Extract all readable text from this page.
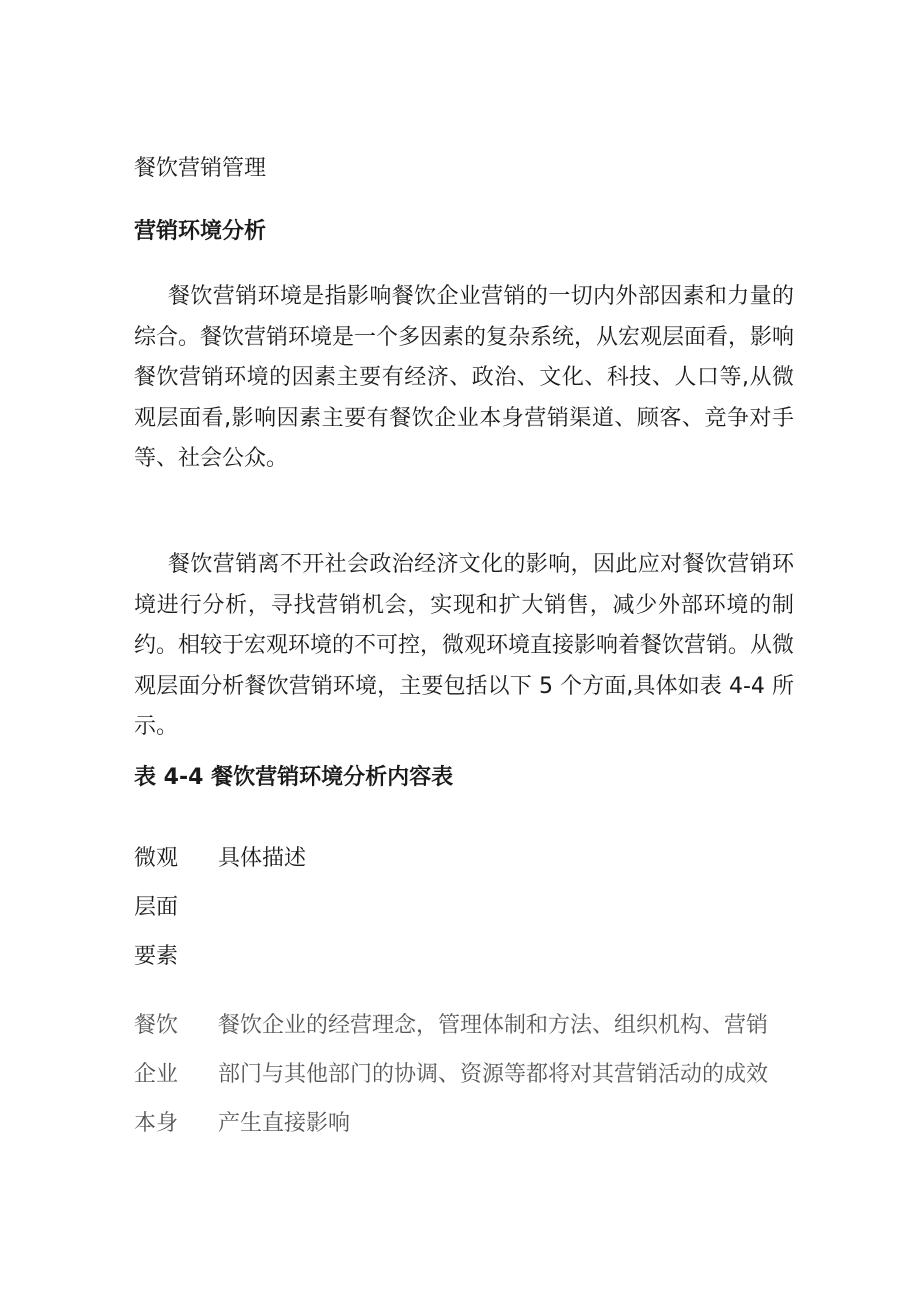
餐饮营销管理
营销环境分析

餐饮营销环境是指影响餐饮企业营销的一切内外部因素和力量的综合。餐饮营销环境是一个多因素的复杂系统，从宏观层面看，影响餐饮营销环境的因素主要有经济、政治、文化、科技、人口等,从微观层面看,影响因素主要有餐饮企业本身营销渠道、顾客、竞争对手等、社会公众。

餐饮营销离不开社会政治经济文化的影响，因此应对餐饮营销环境进行分析，寻找营销机会，实现和扩大销售，减少外部环境的制约。相较于宏观环境的不可控，微观环境直接影响着餐饮营销。从微观层面分析餐饮营销环境，主要包括以下 5 个方面,具体如表 4-4 所示。

表 4-4 餐饮营销环境分析内容表
微观层面要素
具体描述
餐饮企业本身
餐饮企业的经营理念，管理体制和方法、组织机构、营销部门与其他部门的协调、资源等都将对其营销活动的成效产生直接影响
